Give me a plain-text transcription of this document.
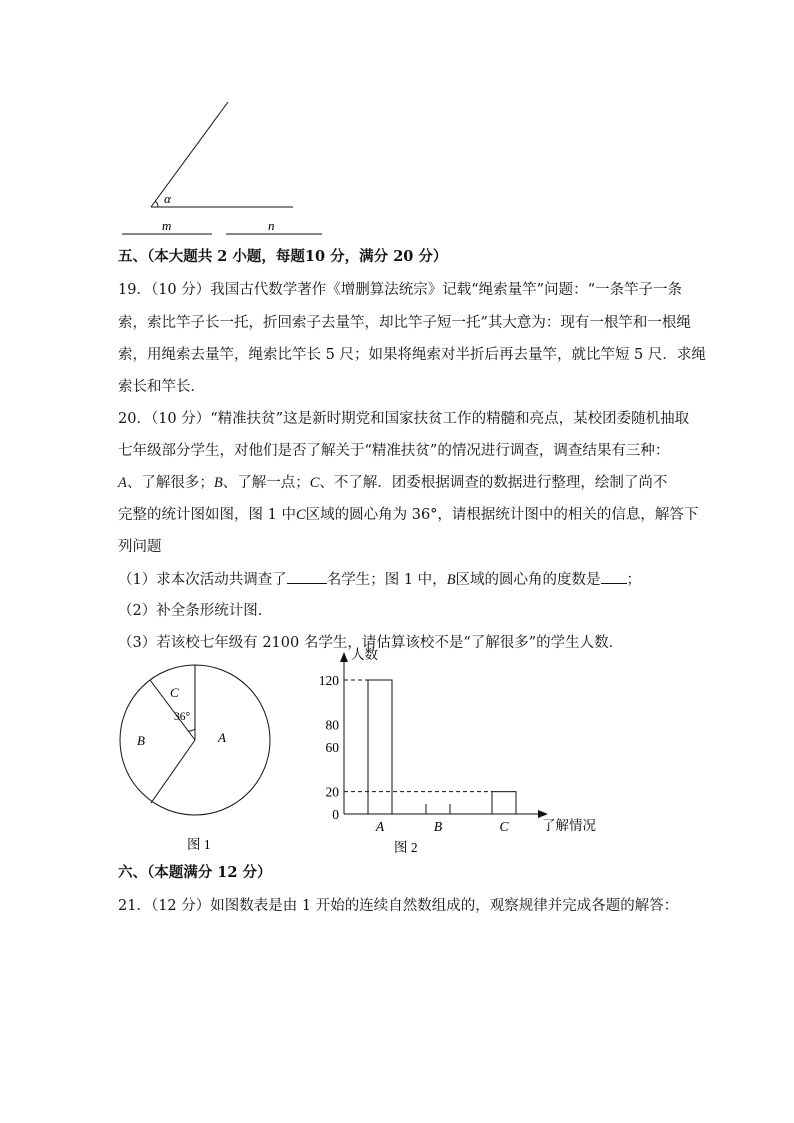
α
m	n
五、（本大题共 2 小题，每题10 分，满分 20 分）
19．（10 分）我国古代数学著作《增删算法统宗》记载“绳索量竿”问题：“一条竿子一条
索，索比竿子长一托，折回索子去量竿，却比竿子短一托”其大意为：现有一根竿和一根绳
索，用绳索去量竿，绳索比竿长 5 尺；如果将绳索对半折后再去量竿，就比竿短 5 尺．求绳
索长和竿长．
20．（10 分）“精准扶贫”这是新时期党和国家扶贫工作的精髓和亮点，某校团委随机抽取
七年级部分学生，对他们是否了解关于“精准扶贫”的情况进行调查，调查结果有三种：
A、了解很多；B、了解一点；C、不了解．团委根据调查的数据进行整理，绘制了尚不
完整的统计图如图，图 1 中C区域的圆心角为 36°，请根据统计图中的相关的信息，解答下
列问题
（1）求本次活动共调查了	名学生；图 1 中，B区域的圆心角的度数是 ；
（2）补全条形统计图．
（3）若该校七年级有 2100 名学生，请估算该校不是“了解很多”的学生人数．
C
36°
B	A
图 1
人数
了解情况
0
20
60
80
120
A	B	C
图 2
六、（本题满分 12 分）
21．（12 分）如图数表是由 1 开始的连续自然数组成的，观察规律并完成各题的解答：
